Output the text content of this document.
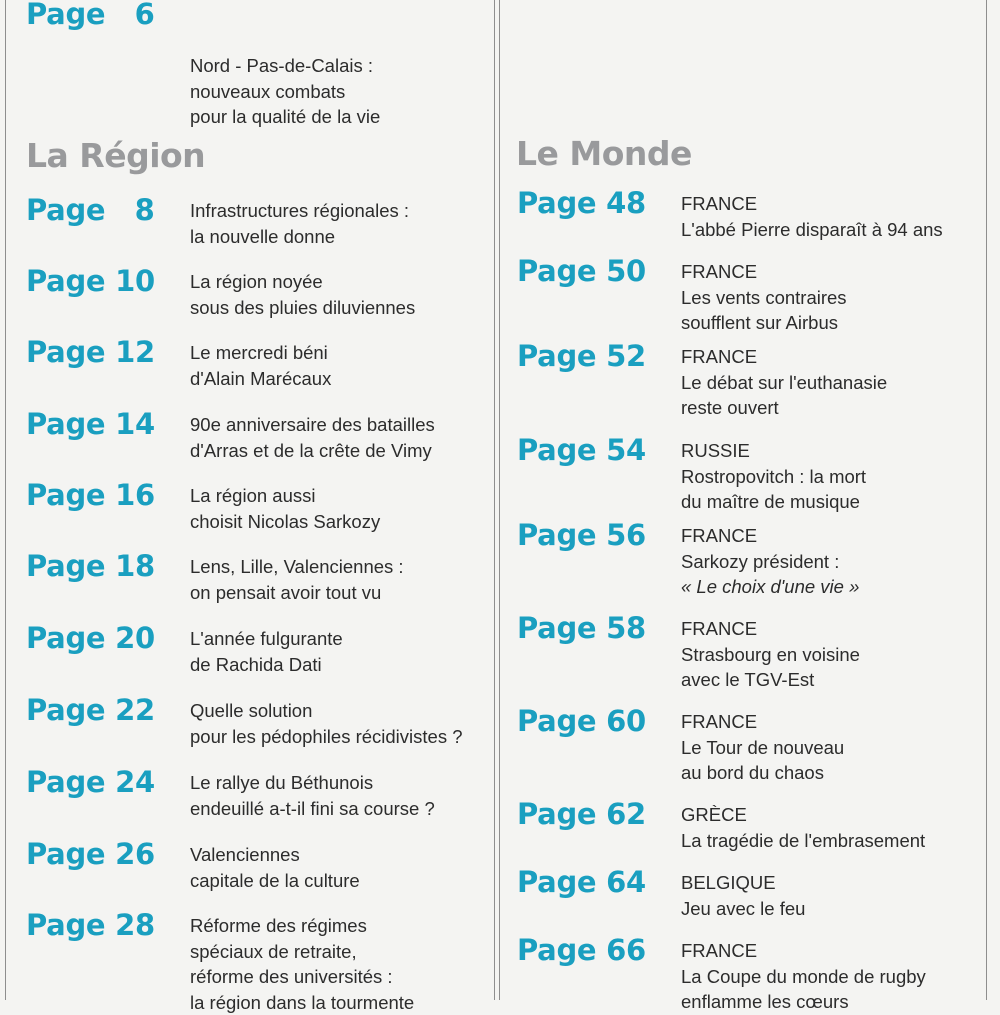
Page   6

Nord - Pas-de-Calais :
nouveaux combats
pour la qualité de la vie

La Région
Page   8 Infrastructures régionales :
la nouvelle donne

Page 10 La région noyée
sous des pluies diluviennes

Page 12 Le mercredi béni
d'Alain Marécaux

Page 14 90e anniversaire des batailles
d'Arras et de la crête de Vimy

Page 16 La région aussi
choisit Nicolas Sarkozy

Page 18 Lens, Lille, Valenciennes :
on pensait avoir tout vu

Page 20 L'année fulgurante
de Rachida Dati

Page 22 Quelle solution
pour les pédophiles récidivistes ?

Page 24 Le rallye du Béthunois
endeuillé a-t-il fini sa course ?

Page 26 Valenciennes
capitale de la culture

Page 28 Réforme des régimes
spéciaux de retraite,
réforme des universités :
la région dans la tourmente

Le Monde
Page 48 FRANCE
L'abbé Pierre disparaît à 94 ans

Page 50 FRANCE
Les vents contraires
soufflent sur Airbus

Page 52 FRANCE
Le débat sur l'euthanasie
reste ouvert

Page 54 RUSSIE
Rostropovitch : la mort
du maître de musique

Page 56 FRANCE
Sarkozy président :
« Le choix d'une vie »

Page 58 FRANCE
Strasbourg en voisine
avec le TGV-Est

Page 60 FRANCE
Le Tour de nouveau
au bord du chaos

Page 62 GRÈCE
La tragédie de l'embrasement

Page 64 BELGIQUE
Jeu avec le feu

Page 66 FRANCE
La Coupe du monde de rugby
enflamme les cœurs
